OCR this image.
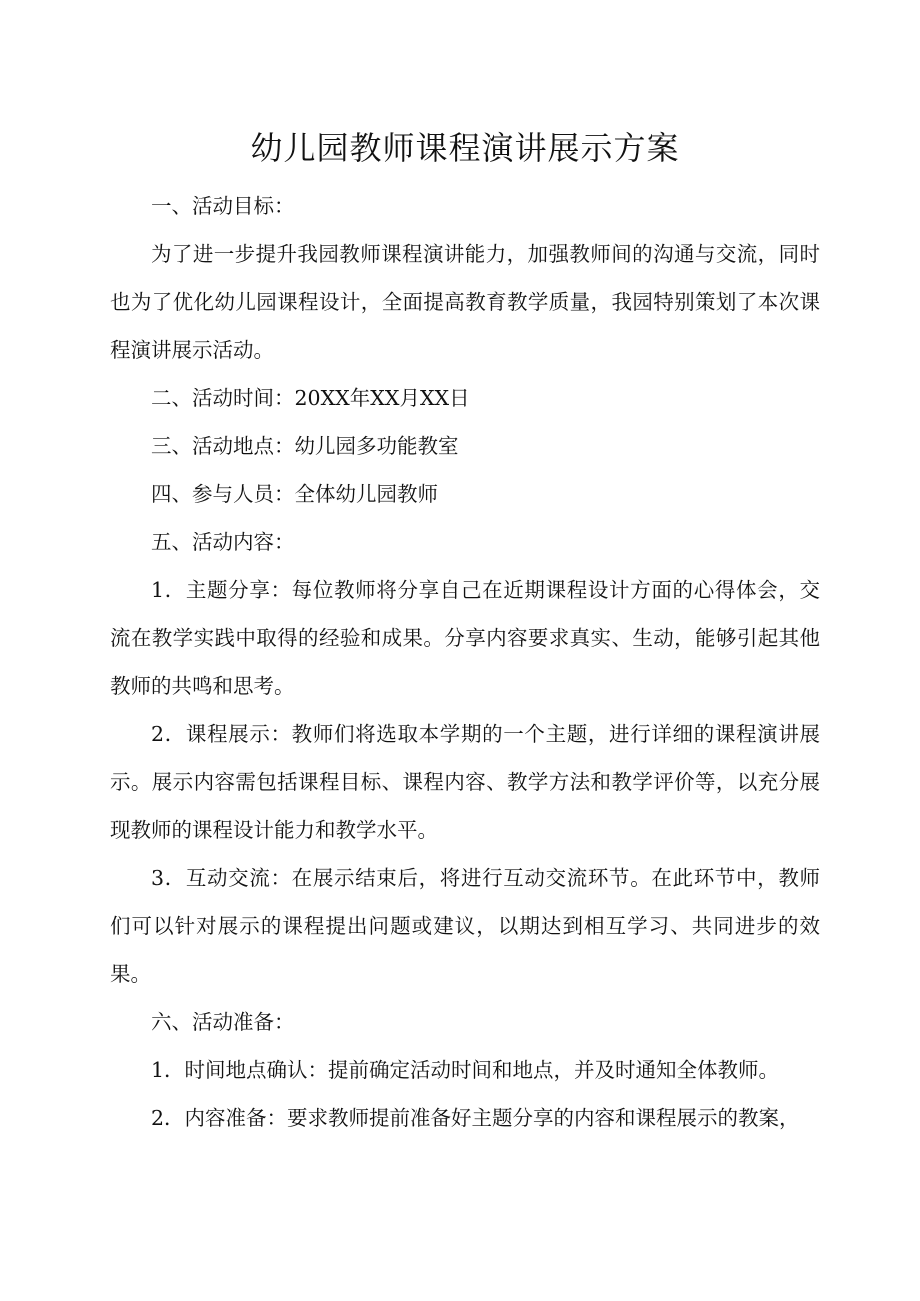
幼儿园教师课程演讲展示方案

一、活动目标：

为了进一步提升我园教师课程演讲能力，加强教师间的沟通与交流，同时也为了优化幼儿园课程设计，全面提高教育教学质量，我园特别策划了本次课程演讲展示活动。

二、活动时间：20XX年XX月XX日

三、活动地点：幼儿园多功能教室

四、参与人员：全体幼儿园教师

五、活动内容：

1．主题分享：每位教师将分享自己在近期课程设计方面的心得体会，交流在教学实践中取得的经验和成果。分享内容要求真实、生动，能够引起其他教师的共鸣和思考。

2．课程展示：教师们将选取本学期的一个主题，进行详细的课程演讲展示。展示内容需包括课程目标、课程内容、教学方法和教学评价等，以充分展现教师的课程设计能力和教学水平。

3．互动交流：在展示结束后，将进行互动交流环节。在此环节中，教师们可以针对展示的课程提出问题或建议，以期达到相互学习、共同进步的效果。

六、活动准备：

1．时间地点确认：提前确定活动时间和地点，并及时通知全体教师。

2．内容准备：要求教师提前准备好主题分享的内容和课程展示的教案，
